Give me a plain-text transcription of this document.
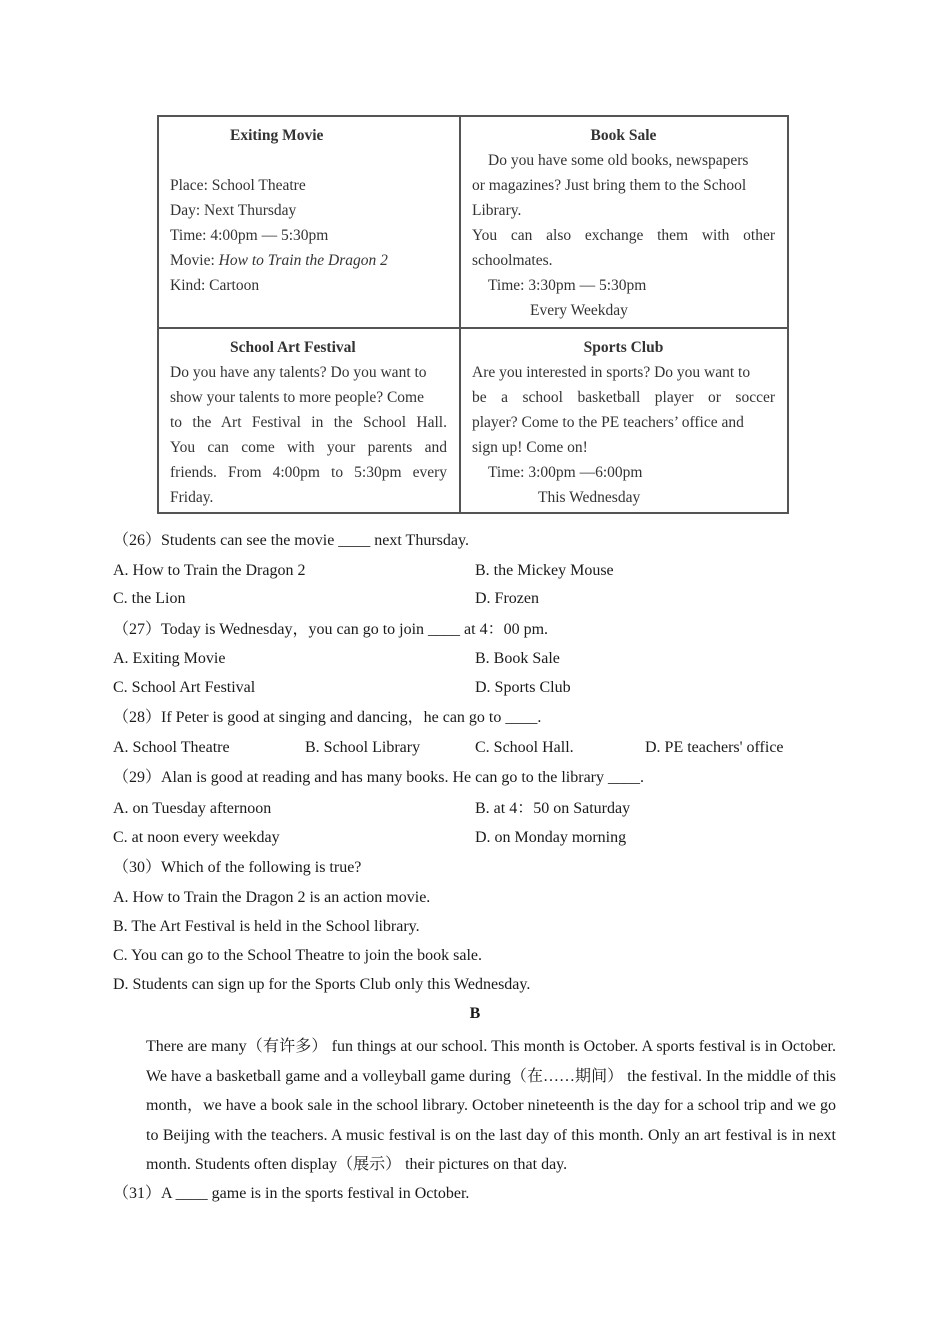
Exiting Movie
Place: School Theatre
Day: Next Thursday
Time: 4:00pm — 5:30pm
Movie: How to Train the Dragon 2
Kind: Cartoon
Book Sale
Do you have some old books, newspapers
or magazines? Just bring them to the School
Library.
You can also exchange them with other
schoolmates.
Time: 3:30pm — 5:30pm
Every Weekday
School Art Festival
Do you have any talents? Do you want to
show your talents to more people? Come
to the Art Festival in the School Hall.
You can come with your parents and
friends. From 4:00pm to 5:30pm every
Friday.
Sports Club
Are you interested in sports? Do you want to
be a school basketball player or soccer
player? Come to the PE teachers’ office and
sign up! Come on!
Time: 3:00pm —6:00pm
This Wednesday
（26）Students can see the movie ____ next Thursday.
A. How to Train the Dragon 2	B. the Mickey Mouse
C. the Lion	D. Frozen
（27）Today is Wednesday，you can go to join ____ at 4：00 pm.
A. Exiting Movie	B. Book Sale
C. School Art Festival	D. Sports Club
（28）If Peter is good at singing and dancing，he can go to ____.
A. School Theatre	B. School Library	C. School Hall.	D. PE teachers' office
（29）Alan is good at reading and has many books. He can go to the library ____.
A. on Tuesday afternoon	B. at 4：50 on Saturday
C. at noon every weekday	D. on Monday morning
（30）Which of the following is true?
A. How to Train the Dragon 2 is an action movie.
B. The Art Festival is held in the School library.
C. You can go to the School Theatre to join the book sale.
D. Students can sign up for the Sports Club only this Wednesday.
B
There are many（有许多） fun things at our school. This month is October. A sports festival is in October. We have a basketball game and a volleyball game during（在……期间） the festival. In the middle of this month，we have a book sale in the school library. October nineteenth is the day for a school trip and we go to Beijing with the teachers. A music festival is on the last day of this month. Only an art festival is in next month. Students often display（展示） their pictures on that day.
（31）A ____ game is in the sports festival in October.
